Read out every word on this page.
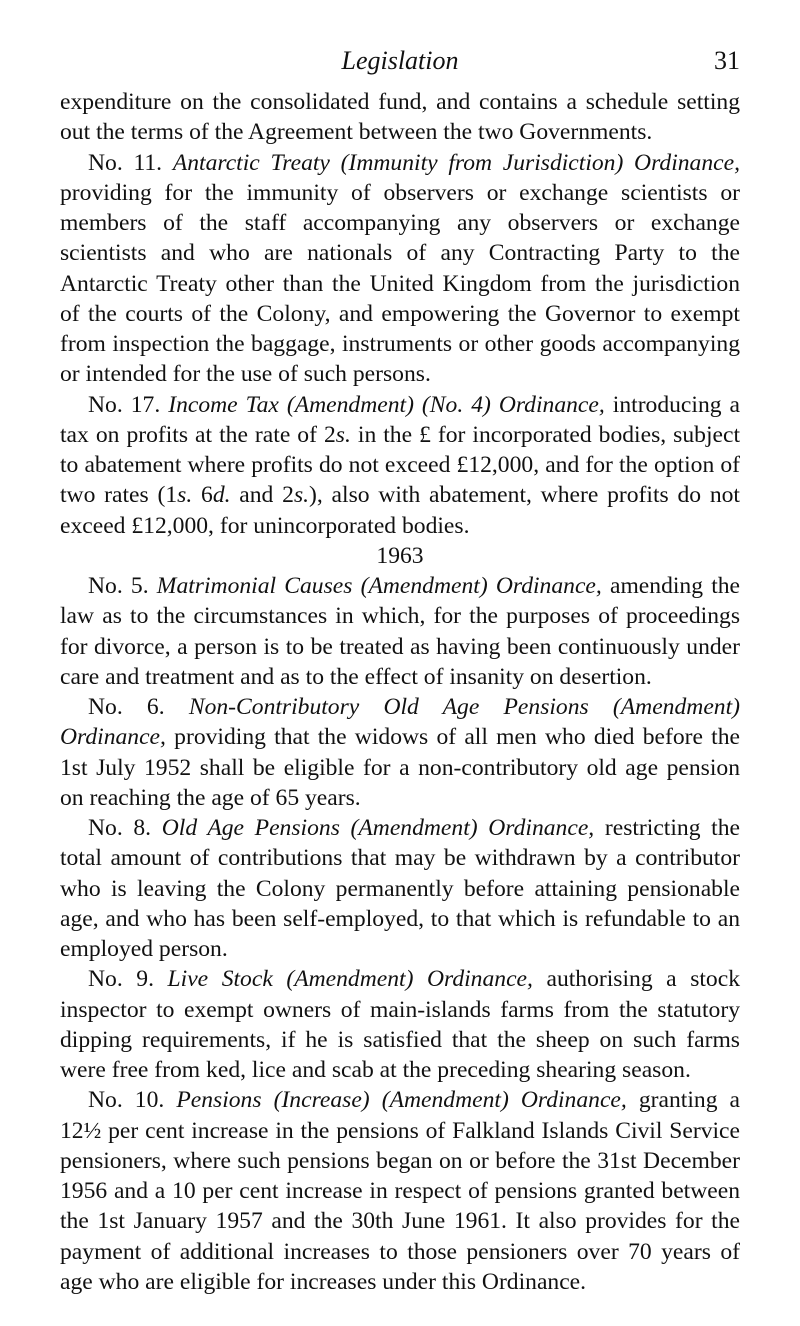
Legislation	31

expenditure on the consolidated fund, and contains a schedule setting out the terms of the Agreement between the two Governments.

No. 11. Antarctic Treaty (Immunity from Jurisdiction) Ordinance, providing for the immunity of observers or exchange scientists or members of the staff accompanying any observers or exchange scientists and who are nationals of any Contracting Party to the Antarctic Treaty other than the United Kingdom from the jurisdiction of the courts of the Colony, and empowering the Governor to exempt from inspection the baggage, instruments or other goods accompanying or intended for the use of such persons.

No. 17. Income Tax (Amendment) (No. 4) Ordinance, introducing a tax on profits at the rate of 2s. in the £ for incorporated bodies, subject to abatement where profits do not exceed £12,000, and for the option of two rates (1s. 6d. and 2s.), also with abatement, where profits do not exceed £12,000, for unincorporated bodies.

1963

No. 5. Matrimonial Causes (Amendment) Ordinance, amending the law as to the circumstances in which, for the purposes of proceedings for divorce, a person is to be treated as having been continuously under care and treatment and as to the effect of insanity on desertion.

No. 6. Non-Contributory Old Age Pensions (Amendment) Ordinance, providing that the widows of all men who died before the 1st July 1952 shall be eligible for a non-contributory old age pension on reaching the age of 65 years.

No. 8. Old Age Pensions (Amendment) Ordinance, restricting the total amount of contributions that may be withdrawn by a contributor who is leaving the Colony permanently before attaining pensionable age, and who has been self-employed, to that which is refundable to an employed person.

No. 9. Live Stock (Amendment) Ordinance, authorising a stock inspector to exempt owners of main-islands farms from the statutory dipping requirements, if he is satisfied that the sheep on such farms were free from ked, lice and scab at the preceding shearing season.

No. 10. Pensions (Increase) (Amendment) Ordinance, granting a 12½ per cent increase in the pensions of Falkland Islands Civil Service pensioners, where such pensions began on or before the 31st December 1956 and a 10 per cent increase in respect of pensions granted between the 1st January 1957 and the 30th June 1961. It also provides for the payment of additional increases to those pensioners over 70 years of age who are eligible for increases under this Ordinance.
